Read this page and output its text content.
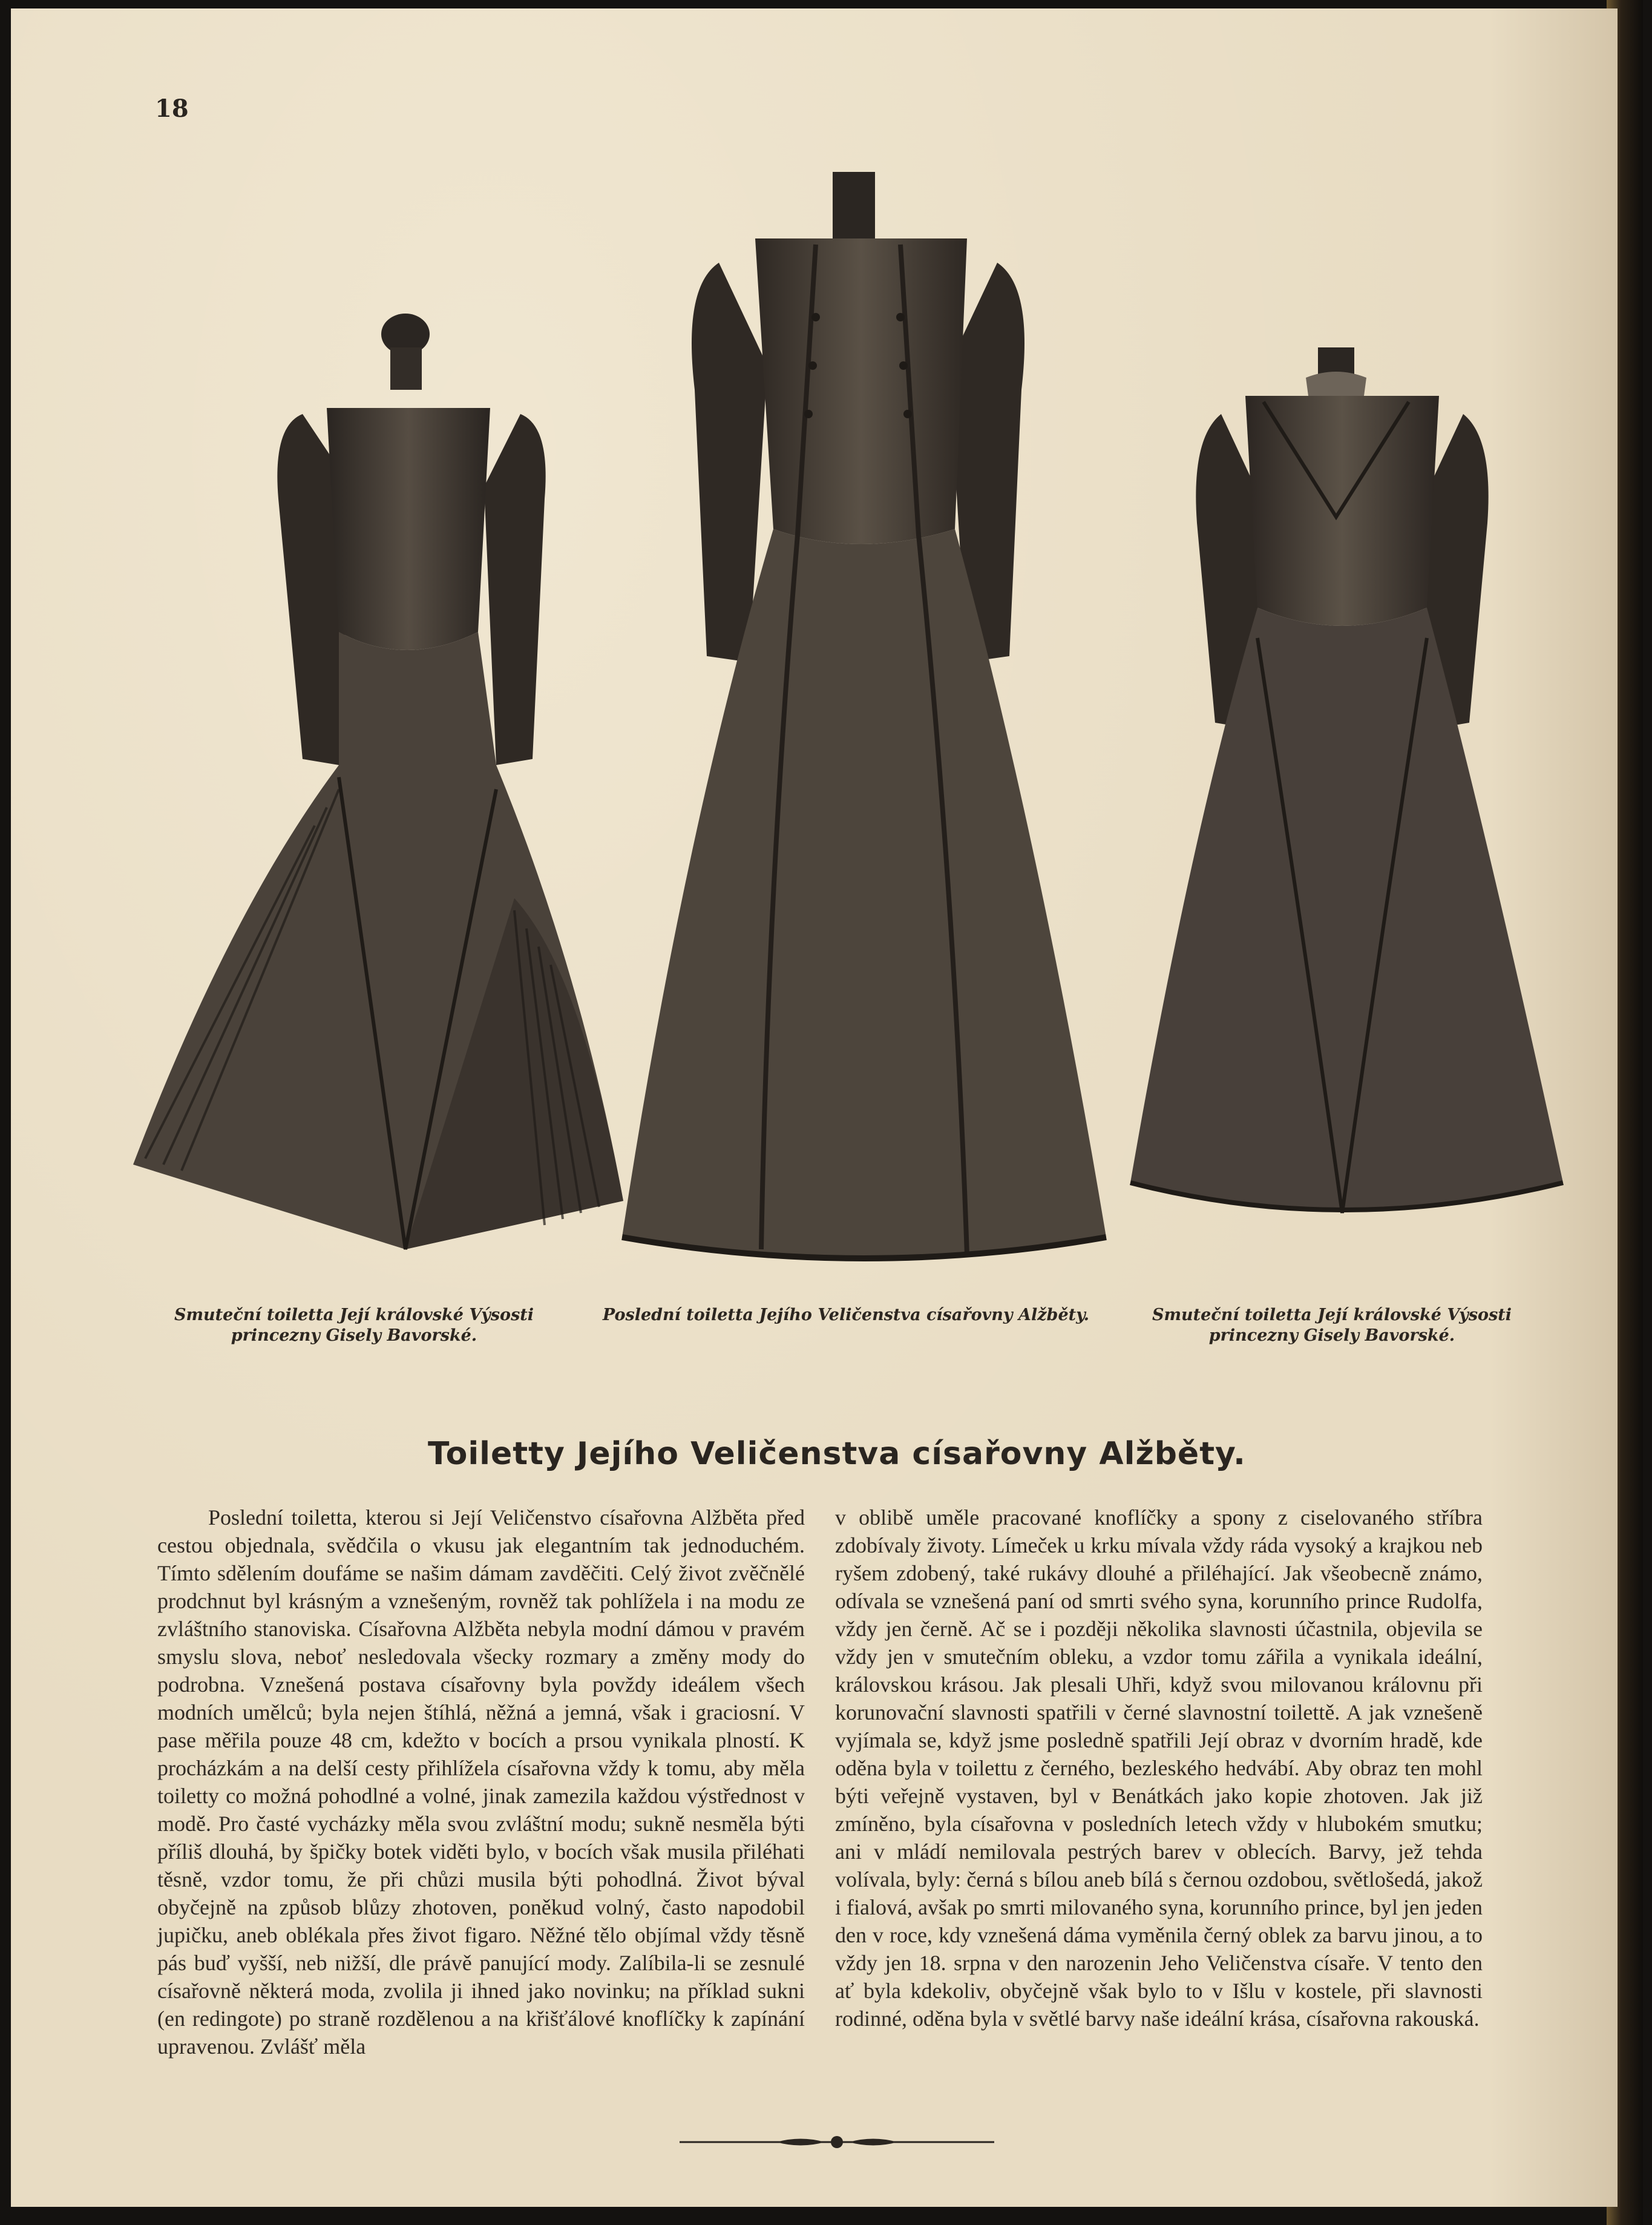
18
Smuteční toiletta Její královské Výsosti
princezny Gisely Bavorské.
Poslední toiletta Jejího Veličenstva císařovny Alžběty.	Smuteční toiletta Její královské Výsosti
princezny Gisely Bavorské.
Toiletty Jejího Veličenstva císařovny Alžběty.

Poslední toiletta, kterou si Její Veličenstvo císařovna Alžběta před cestou objednala, svědčila o vkusu jak elegantním tak jednoduchém. Tímto sdělením doufáme se našim dámam zavděčiti. Celý život zvěčnělé prodchnut byl krásným a vznešeným, rovněž tak pohlížela i na modu ze zvláštního stanoviska. Císařovna Alžběta nebyla modní dámou v pravém smyslu slova, neboť nesledovala všecky rozmary a změny mody do podrobna. Vznešená postava císařovny byla povždy ideálem všech modních umělců; byla nejen štíhlá, něžná a jemná, však i graciosní. V pase měřila pouze 48 cm, kdežto v bocích a prsou vynikala plností. K procházkám a na delší cesty přihlížela císařovna vždy k tomu, aby měla toiletty co možná pohodlné a volné, jinak zamezila každou výstřednost v modě. Pro časté vycházky měla svou zvláštní modu; sukně nesměla býti příliš dlouhá, by špičky botek viděti bylo, v bocích však musila přiléhati těsně, vzdor tomu, že při chůzi musila býti pohodlná. Život býval obyčejně na způsob blůzy zhotoven, poněkud volný, často napodobil jupičku, aneb oblékala přes život figaro. Něžné tělo objímal vždy těsně pás buď vyšší, neb nižší, dle právě panující mody. Zalíbila-li se zesnulé císařovně některá moda, zvolila ji ihned jako novinku; na příklad sukni (en redingote) po straně rozdělenou a na křišťálové knoflíčky k zapínání upravenou. Zvlášť měla

v oblibě uměle pracované knoflíčky a spony z ciselovaného stříbra zdobívaly životy. Límeček u krku mívala vždy ráda vysoký a krajkou neb ryšem zdobený, také rukávy dlouhé a přiléhající. Jak všeobecně známo, odívala se vznešená paní od smrti svého syna, korunního prince Rudolfa, vždy jen černě. Ač se i později několika slavnosti účastnila, objevila se vždy jen v smutečním obleku, a vzdor tomu zářila a vynikala ideální, královskou krásou. Jak plesali Uhři, když svou milovanou královnu při korunovační slavnosti spatřili v černé slavnostní toilettě. A jak vznešeně vyjímala se, když jsme posledně spatřili Její obraz v dvorním hradě, kde oděna byla v toilettu z černého, bezleského hedvábí. Aby obraz ten mohl býti veřejně vystaven, byl v Benátkách jako kopie zhotoven. Jak již zmíněno, byla císařovna v posledních letech vždy v hlubokém smutku; ani v mládí nemilovala pestrých barev v oblecích. Barvy, jež tehda volívala, byly: černá s bílou aneb bílá s černou ozdobou, světlošedá, jakož i fialová, avšak po smrti milovaného syna, korunního prince, byl jen jeden den v roce, kdy vznešená dáma vyměnila černý oblek za barvu jinou, a to vždy jen 18. srpna v den narozenin Jeho Veličenstva císaře. V tento den ať byla kdekoliv, obyčejně však bylo to v Išlu v kostele, při slavnosti rodinné, oděna byla v světlé barvy naše ideální krása, císařovna rakouská.
